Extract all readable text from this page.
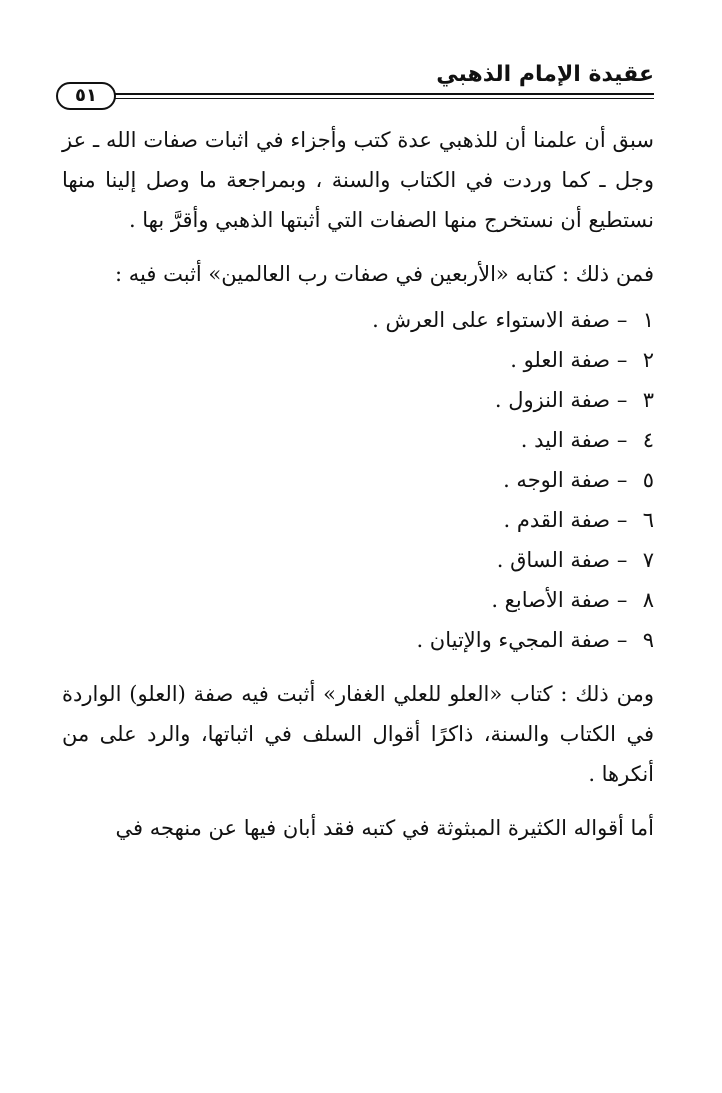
عقيدة الإمام الذهبي
٥١

سبق أن علمنا أن للذهبي عدة كتب وأجزاء في اثبات صفات الله ـ عز وجل ـ كما وردت في الكتاب والسنة ، وبمراجعة ما وصل إلينا منها نستطيع أن نستخرج منها الصفات التي أثبتها الذهبي وأقرَّ بها .

فمن ذلك : كتابه «الأربعين في صفات رب العالمين» أثبت فيه :

١ – صفة الاستواء على العرش .
٢ – صفة العلو .
٣ – صفة النزول .
٤ – صفة اليد .
٥ – صفة الوجه .
٦ – صفة القدم .
٧ – صفة الساق .
٨ – صفة الأصابع .
٩ – صفة المجيء والإتيان .

ومن ذلك : كتاب «العلو للعلي الغفار» أثبت فيه صفة (العلو) الواردة في الكتاب والسنة، ذاكرًا أقوال السلف في اثباتها، والرد على من أنكرها .

أما أقواله الكثيرة المبثوثة في كتبه فقد أبان فيها عن منهجه في
